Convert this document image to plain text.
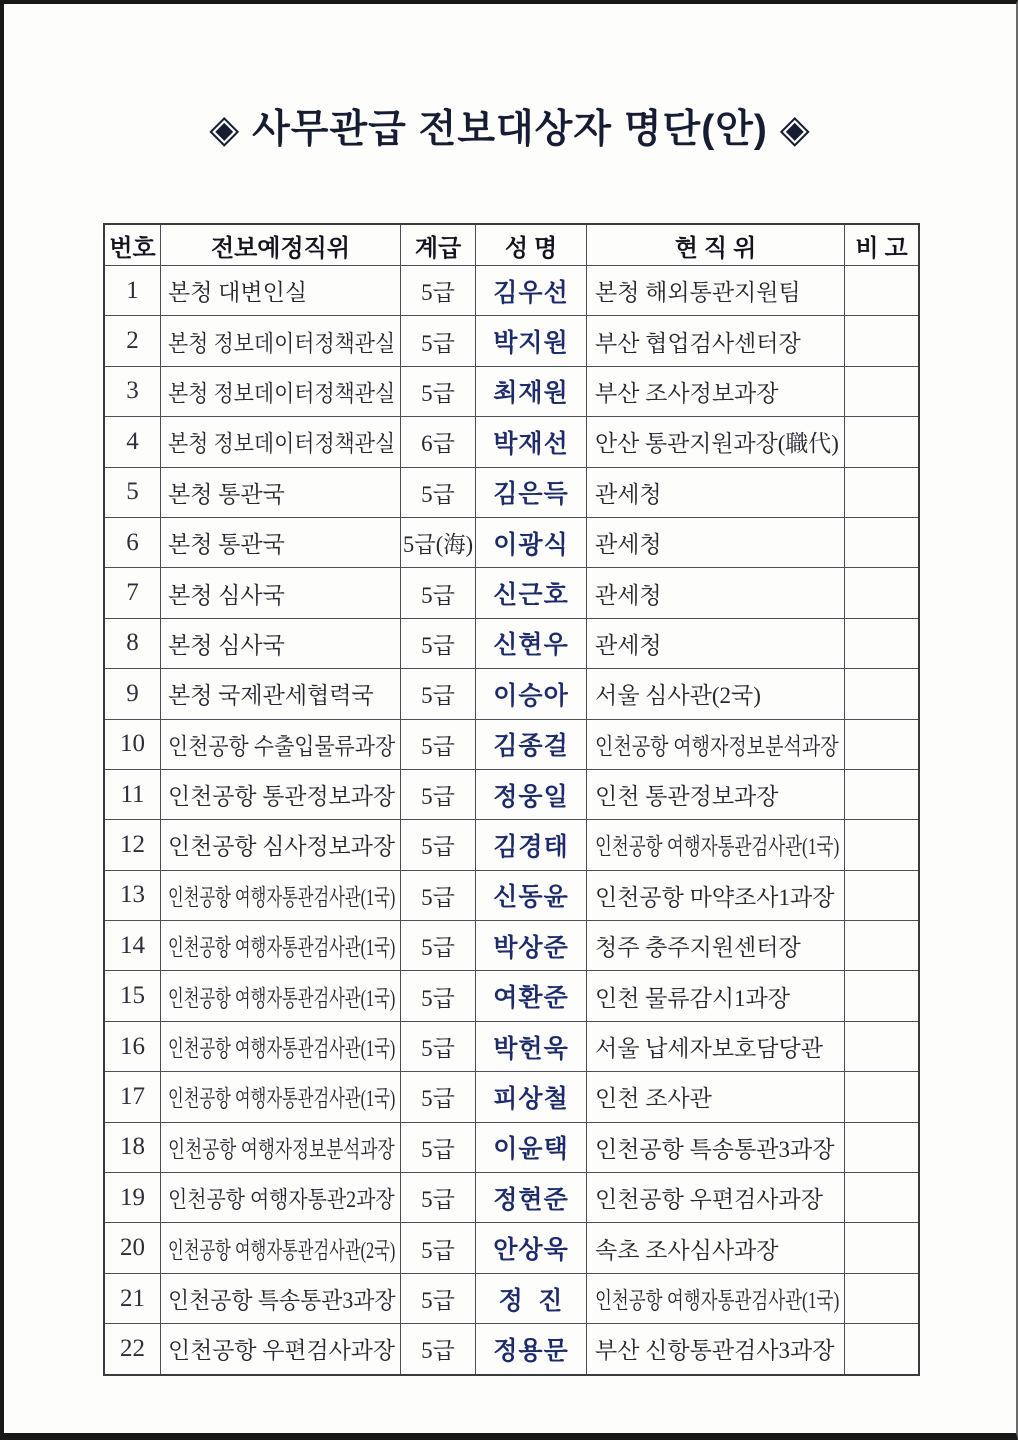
◈ 사무관급 전보대상자 명단(안) ◈
번호 전보예정직위	계급 성 명	현 직 위	비 고
1 본청 대변인실	5급 김우선 본청 해외통관지원팀
2 본청 정보데이터정책관실 5급 박지원 부산 협업검사센터장
3 본청 정보데이터정책관실 5급 최재원 부산 조사정보과장
4 본청 정보데이터정책관실 6급 박재선 안산 통관지원과장(職代)
5 본청 통관국	5급 김은득 관세청
6 본청 통관국	5급(海) 이광식 관세청
7 본청 심사국	5급 신근호 관세청
8 본청 심사국	5급 신현우 관세청
9 본청 국제관세협력국 5급 이승아 서울 심사관(2국)
10 인천공항 수출입물류과장 5급 김종걸 인천공항 여행자정보분석과장
11 인천공항 통관정보과장 5급 정웅일 인천 통관정보과장
12 인천공항 심사정보과장 5급 김경태 인천공항 여행자통관검사관(1국)
13 인천공항 여행자통관검사관(1국) 5급 신동윤 인천공항 마약조사1과장
14 인천공항 여행자통관검사관(1국) 5급 박상준 청주 충주지원센터장
15 인천공항 여행자통관검사관(1국) 5급 여환준 인천 물류감시1과장
16 인천공항 여행자통관검사관(1국) 5급 박헌욱 서울 납세자보호담당관
17 인천공항 여행자통관검사관(1국) 5급 피상철 인천 조사관
18 인천공항 여행자정보분석과장 5급 이윤택 인천공항 특송통관3과장
19 인천공항 여행자통관2과장 5급 정현준 인천공항 우편검사과장
20 인천공항 여행자통관검사관(2국) 5급 안상욱 속초 조사심사과장
21 인천공항 특송통관3과장 5급 정  진 인천공항 여행자통관검사관(1국)
22 인천공항 우편검사과장 5급 정용문 부산 신항통관검사3과장
